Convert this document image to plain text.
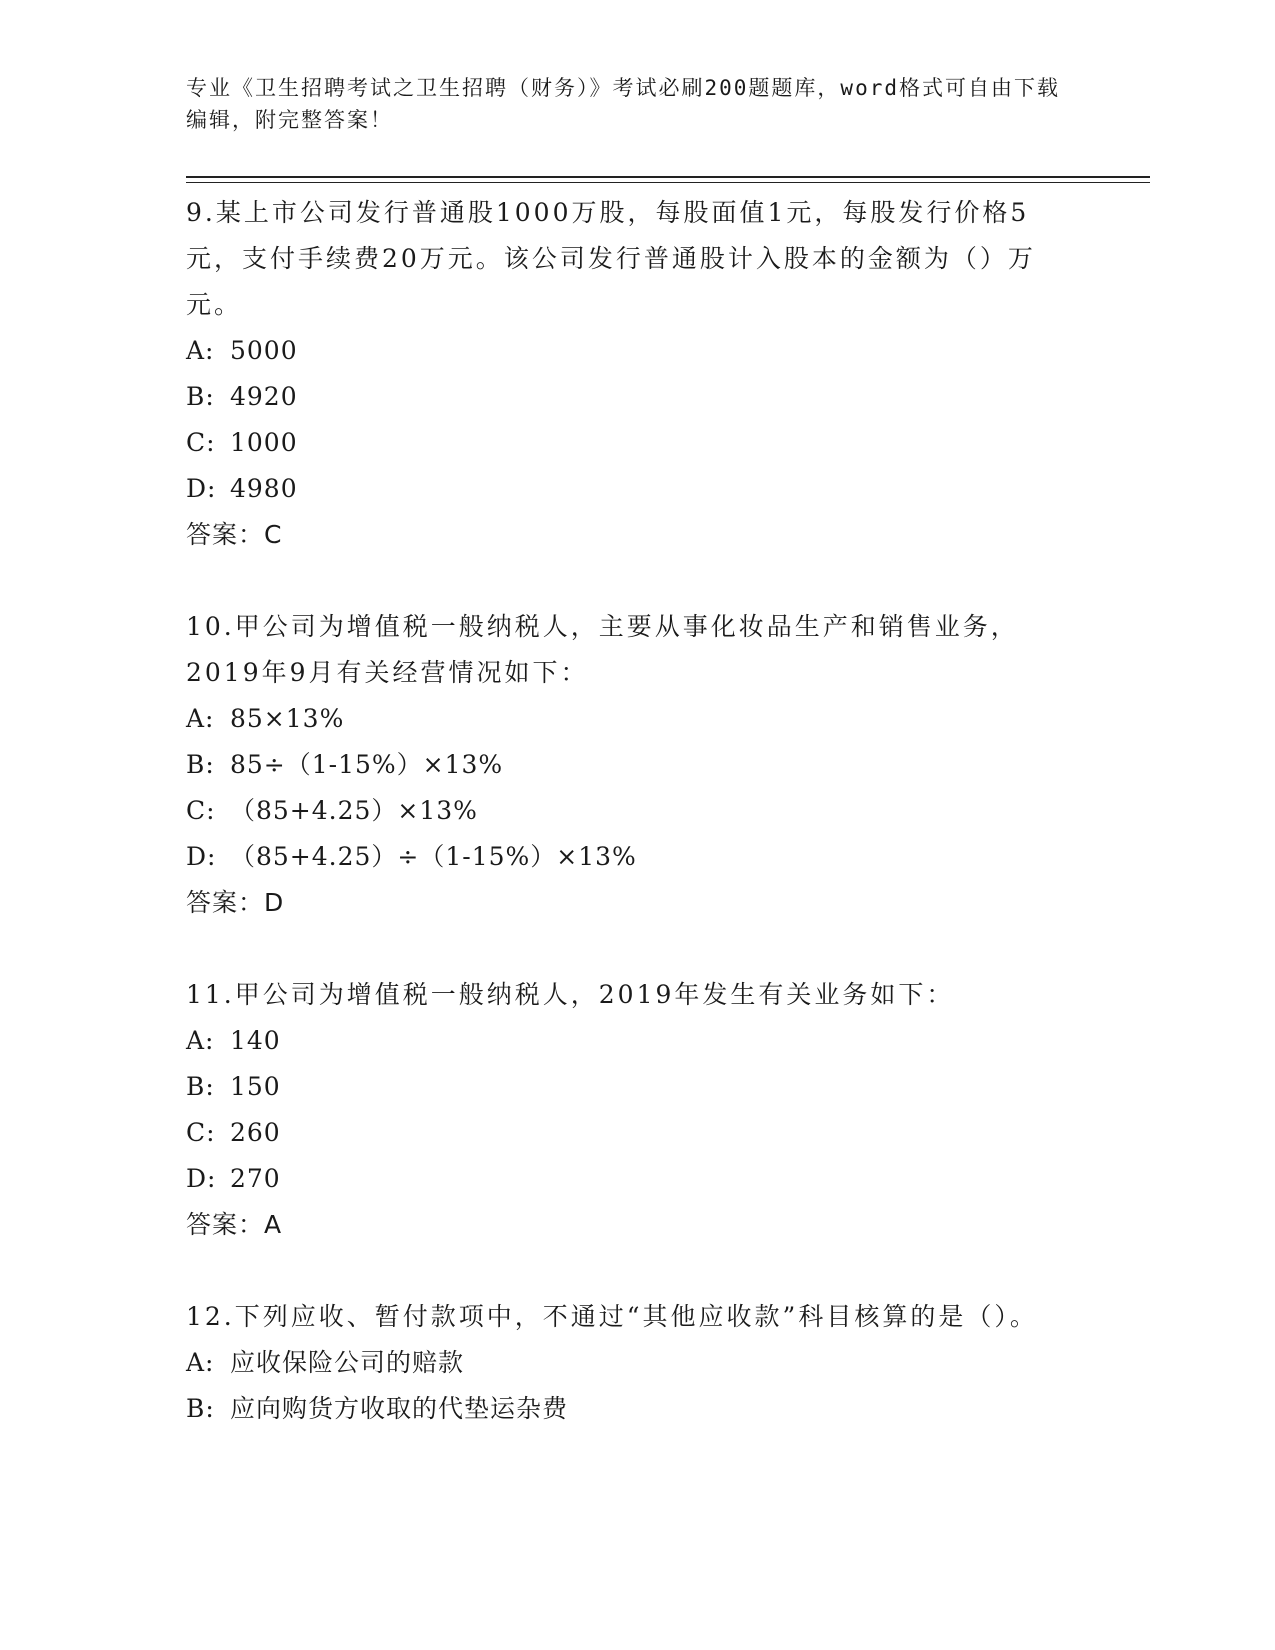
专业《卫生招聘考试之卫生招聘（财务）》考试必刷200题题库，word格式可自由下载编辑，附完整答案！

9.某上市公司发行普通股1000万股，每股面值1元，每股发行价格5元，支付手续费20万元。该公司发行普通股计入股本的金额为（）万元。

A: 5000

B: 4920

C: 1000

D: 4980

答案：C

10.甲公司为增值税一般纳税人，主要从事化妆品生产和销售业务，2019年9月有关经营情况如下：

A: 85×13%

B: 85÷（1-15%）×13%

C: （85+4.25）×13%

D: （85+4.25）÷（1-15%）×13%

答案：D

11.甲公司为增值税一般纳税人，2019年发生有关业务如下：

A: 140

B: 150

C: 260

D: 270

答案：A

12.下列应收、暂付款项中，不通过“其他应收款”科目核算的是（）。

A: 应收保险公司的赔款

B: 应向购货方收取的代垫运杂费
